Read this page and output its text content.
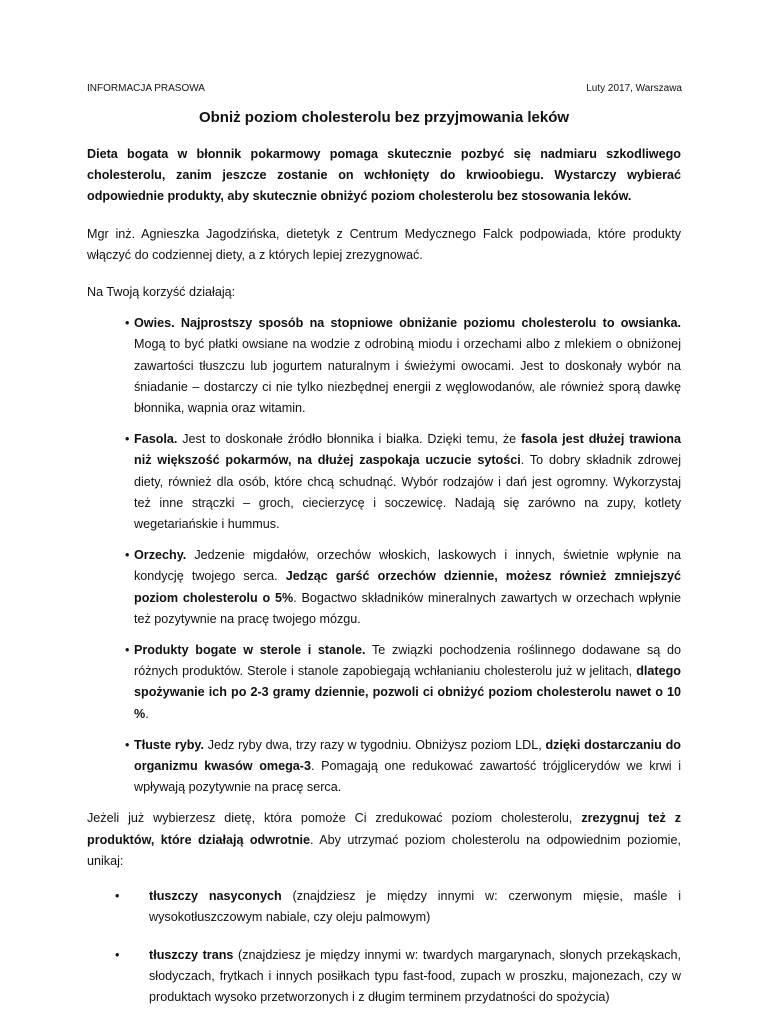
INFORMACJA PRASOWA	Luty 2017, Warszawa
Obniż poziom cholesterolu bez przyjmowania leków

Dieta bogata w błonnik pokarmowy pomaga skutecznie pozbyć się nadmiaru szkodliwego cholesterolu, zanim jeszcze zostanie on wchłonięty do krwioobiegu. Wystarczy wybierać odpowiednie produkty, aby skutecznie obniżyć poziom cholesterolu bez stosowania leków.

Mgr inż. Agnieszka Jagodzińska, dietetyk z Centrum Medycznego Falck podpowiada, które produkty włączyć do codziennej diety, a z których lepiej zrezygnować.

Na Twoją korzyść działają:

• Owies. Najprostszy sposób na stopniowe obniżanie poziomu cholesterolu to owsianka. Mogą to być płatki owsiane na wodzie z odrobiną miodu i orzechami albo z mlekiem o obniżonej zawartości tłuszczu lub jogurtem naturalnym i świeżymi owocami. Jest to doskonały wybór na śniadanie – dostarczy ci nie tylko niezbędnej energii z węglowodanów, ale również sporą dawkę błonnika, wapnia oraz witamin.
• Fasola. Jest to doskonałe źródło błonnika i białka. Dzięki temu, że fasola jest dłużej trawiona niż większość pokarmów, na dłużej zaspokaja uczucie sytości. To dobry składnik zdrowej diety, również dla osób, które chcą schudnąć. Wybór rodzajów i dań jest ogromny. Wykorzystaj też inne strączki – groch, ciecierzycę i soczewicę. Nadają się zarówno na zupy, kotlety wegetariańskie i hummus.
• Orzechy. Jedzenie migdałów, orzechów włoskich, laskowych i innych, świetnie wpłynie na kondycję twojego serca. Jedząc garść orzechów dziennie, możesz również zmniejszyć poziom cholesterolu o 5%. Bogactwo składników mineralnych zawartych w orzechach wpłynie też pozytywnie na pracę twojego mózgu.
• Produkty bogate w sterole i stanole. Te związki pochodzenia roślinnego dodawane są do różnych produktów. Sterole i stanole zapobiegają wchłanianiu cholesterolu już w jelitach, dlatego spożywanie ich po 2-3 gramy dziennie, pozwoli ci obniżyć poziom cholesterolu nawet o 10 %.
• Tłuste ryby. Jedz ryby dwa, trzy razy w tygodniu. Obniżysz poziom LDL, dzięki dostarczaniu do organizmu kwasów omega-3. Pomagają one redukować zawartość trójglicerydów we krwi i wpływają pozytywnie na pracę serca.

Jeżeli już wybierzesz dietę, która pomoże Ci zredukować poziom cholesterolu, zrezygnuj też z produktów, które działają odwrotnie. Aby utrzymać poziom cholesterolu na odpowiednim poziomie, unikaj:

• tłuszczy nasyconych (znajdziesz je między innymi w: czerwonym mięsie, maśle i wysokotłuszczowym nabiale, czy oleju palmowym)
• tłuszczy trans (znajdziesz je między innymi w: twardych margarynach, słonych przekąskach, słodyczach, frytkach i innych posiłkach typu fast-food, zupach w proszku, majonezach, czy w produktach wysoko przetworzonych i z długim terminem przydatności do spożycia)
